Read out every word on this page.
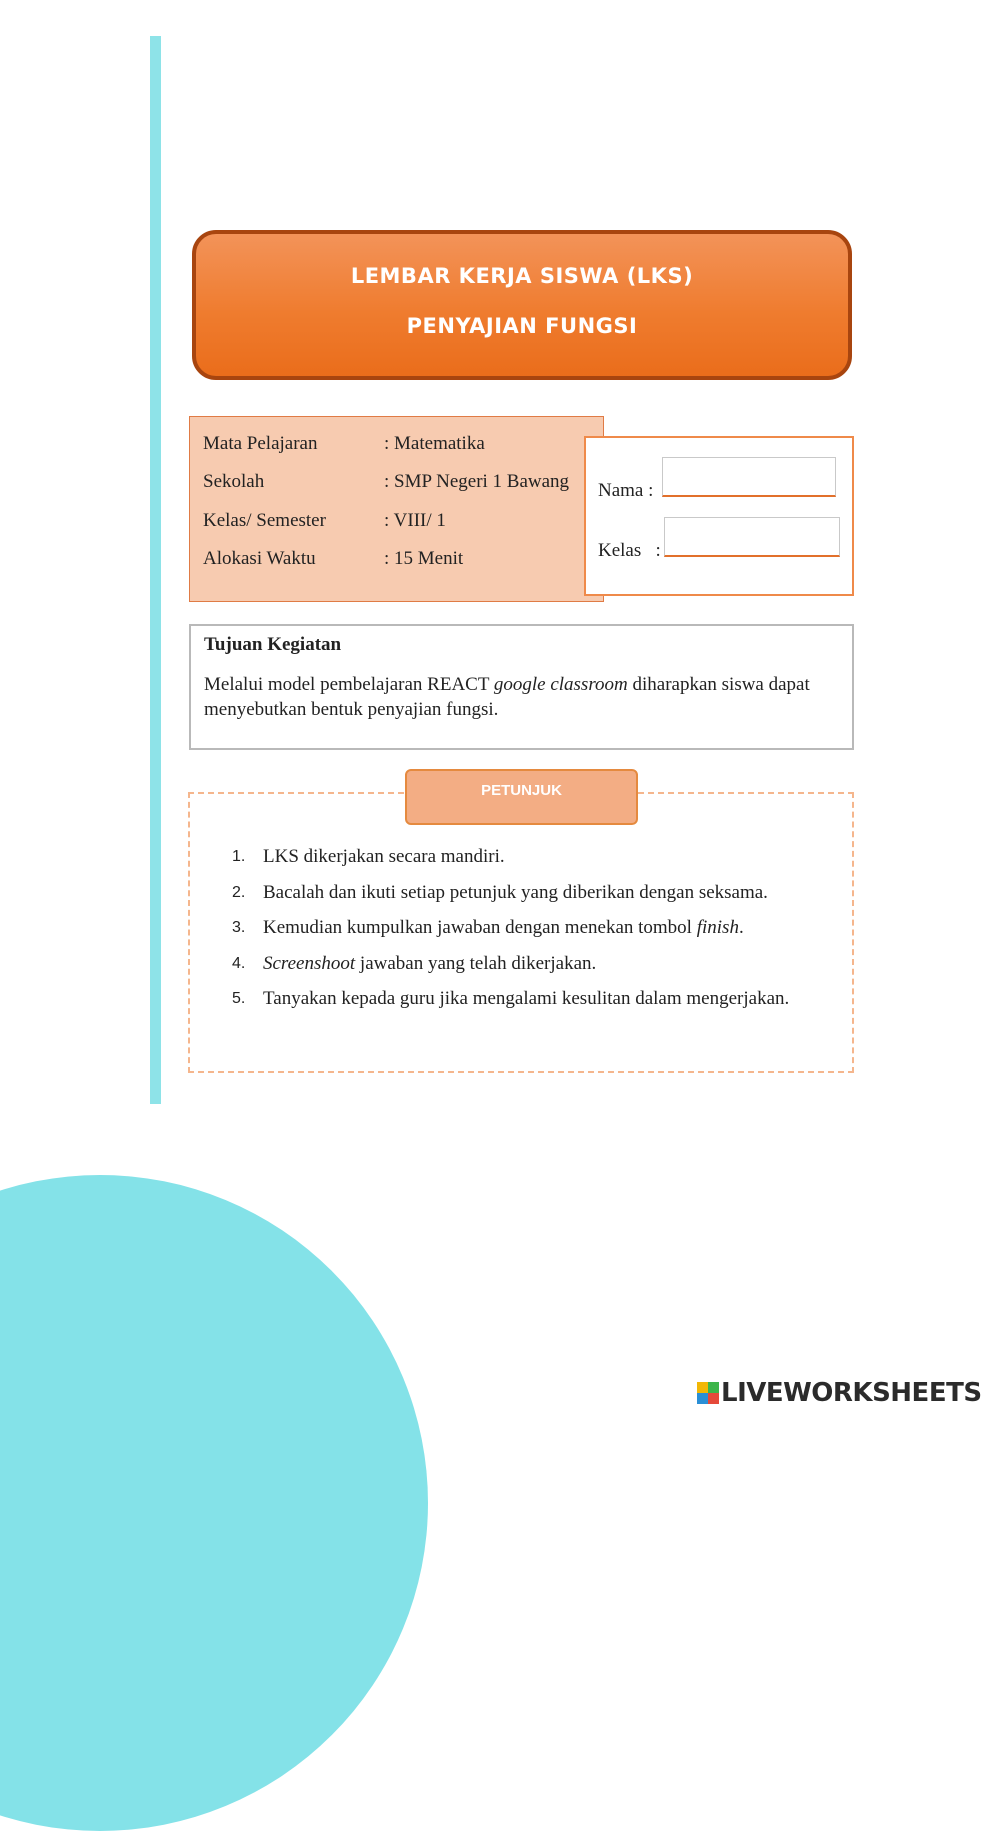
LEMBAR KERJA SISWA (LKS)
PENYAJIAN FUNGSI
Mata Pelajaran	: Matematika
Sekolah	: SMP Negeri 1 Bawang
Kelas/ Semester	: VIII/ 1
Alokasi Waktu	: 15 Menit
Nama :
Kelas   :
Tujuan Kegiatan
Melalui model pembelajaran REACT google classroom diharapkan siswa dapat menyebutkan bentuk penyajian fungsi.
PETUNJUK
1. LKS dikerjakan secara mandiri.
2. Bacalah dan ikuti setiap petunjuk yang diberikan dengan seksama.
3. Kemudian kumpulkan jawaban dengan menekan tombol finish.
4. Screenshoot jawaban yang telah dikerjakan.
5. Tanyakan kepada guru jika mengalami kesulitan dalam mengerjakan.
LIVEWORKSHEETS
